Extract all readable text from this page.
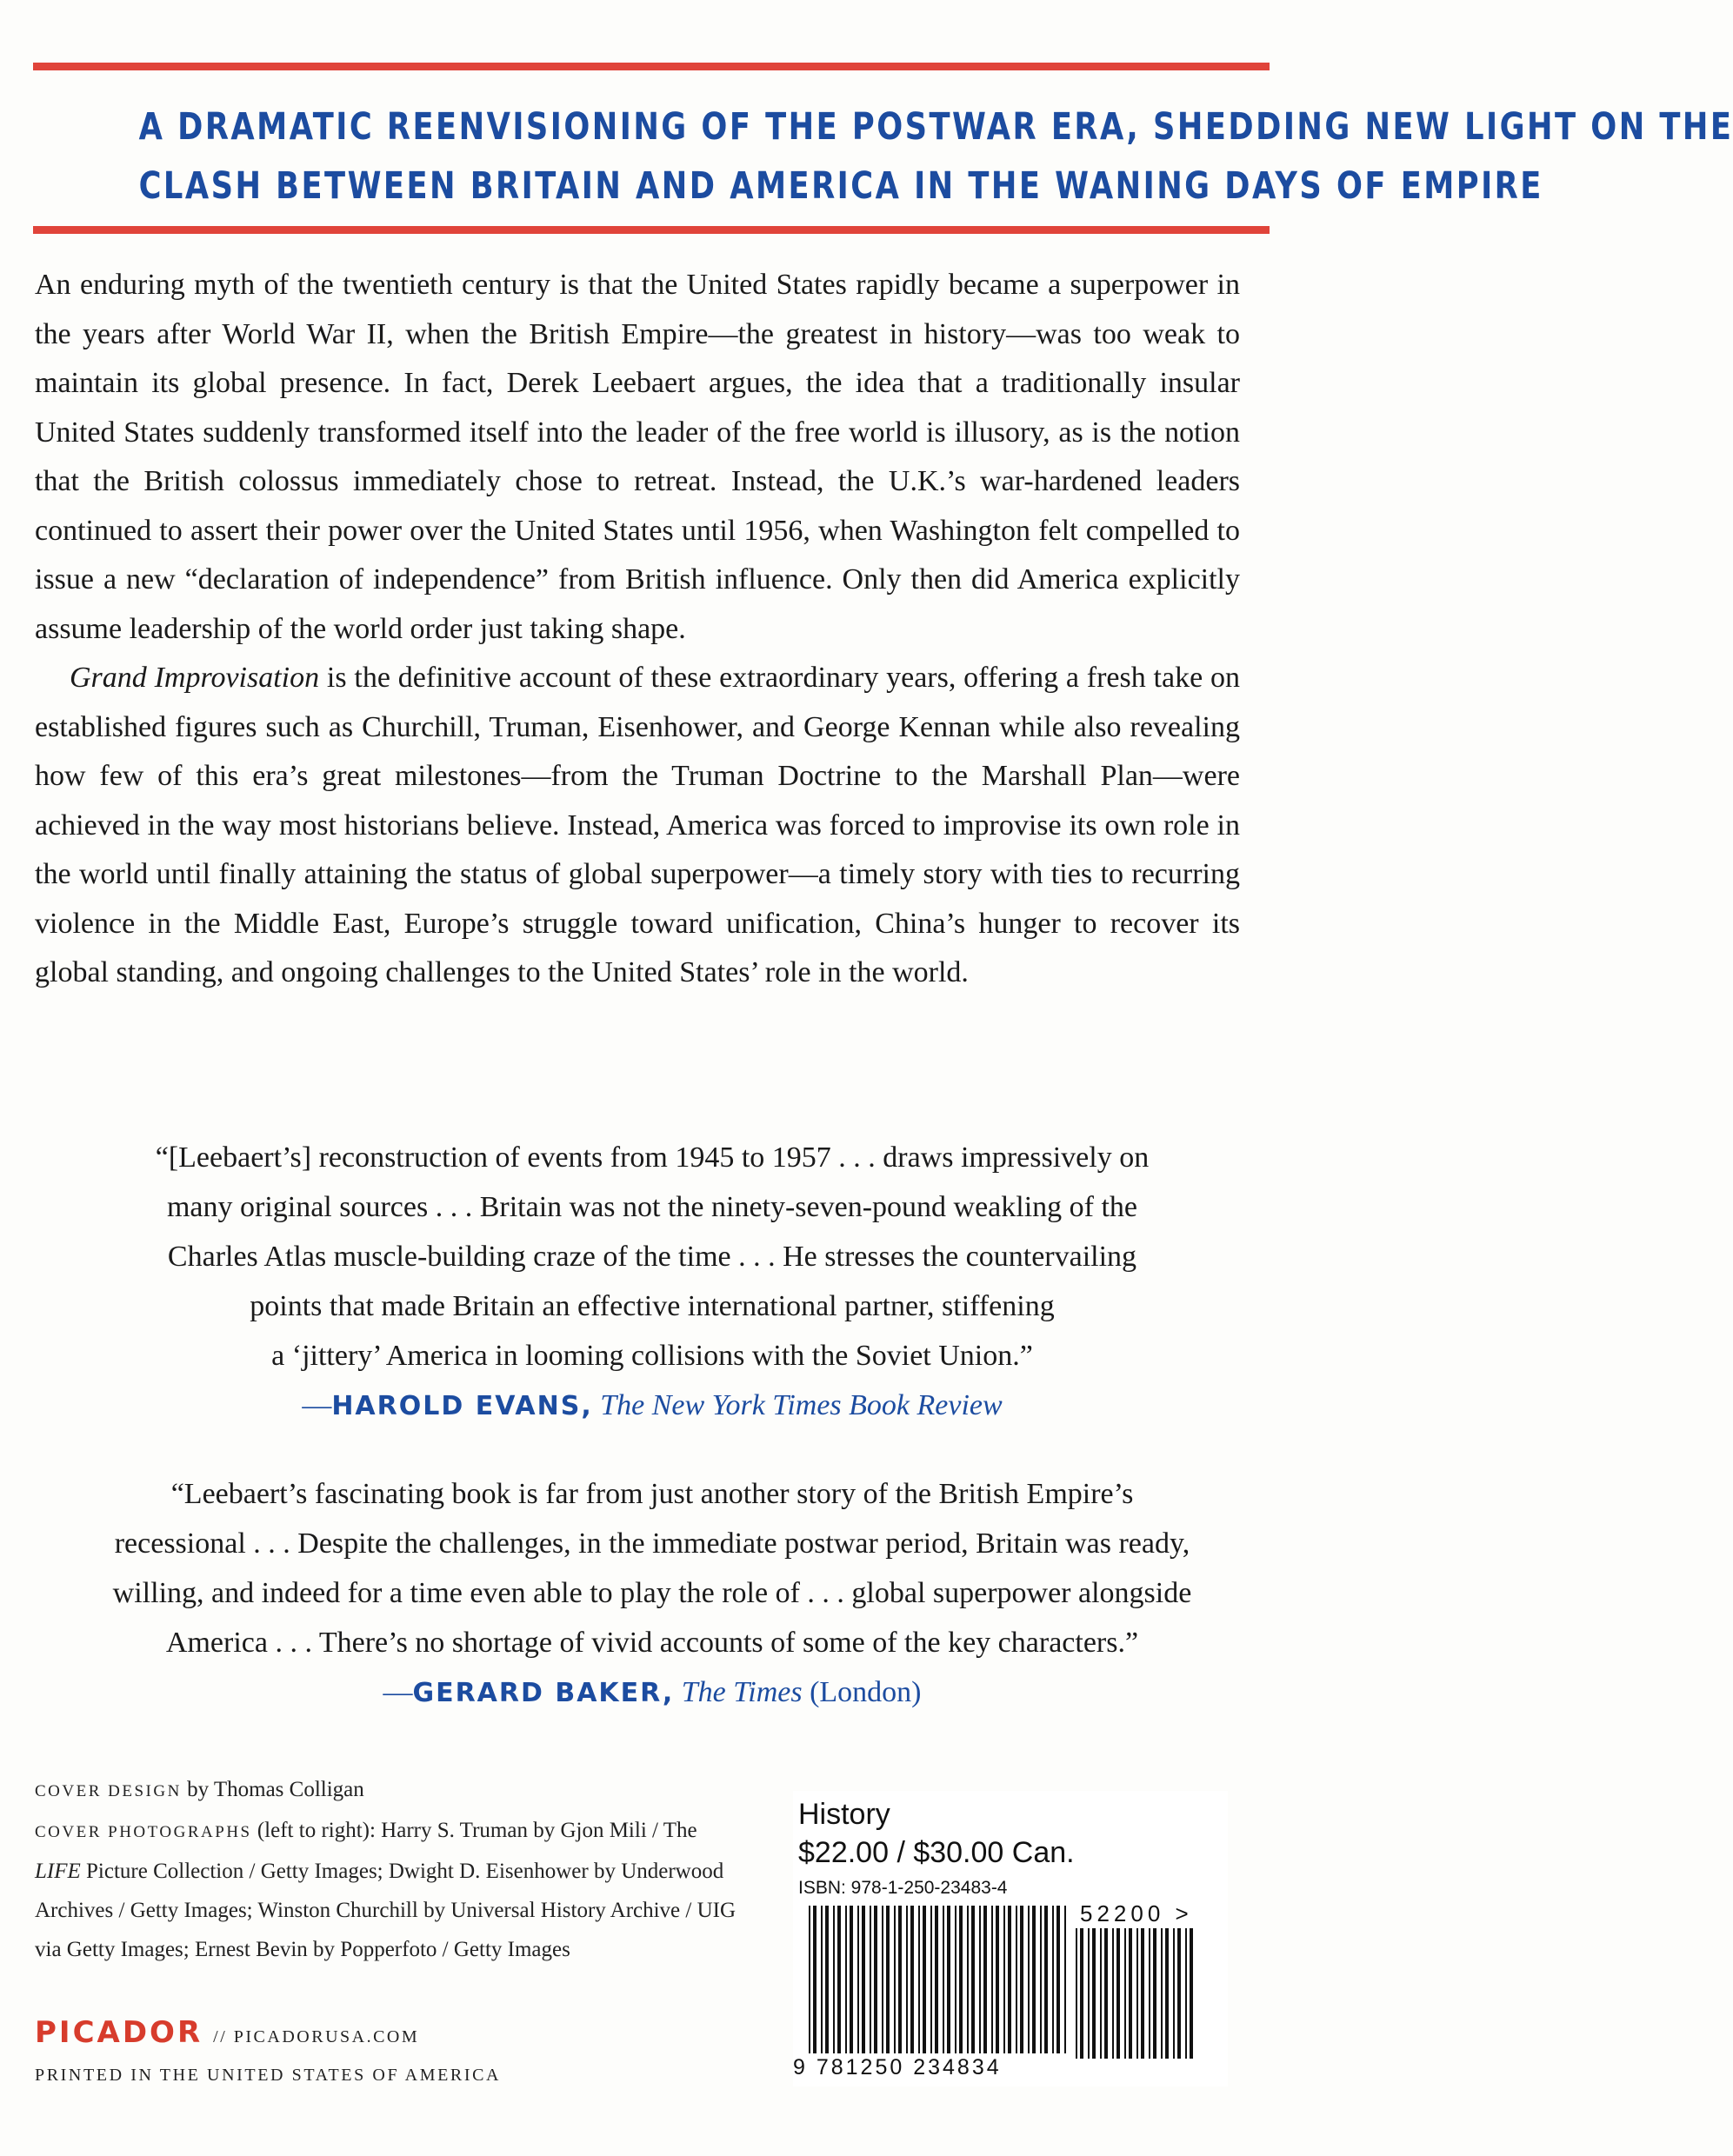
A DRAMATIC REENVISIONING OF THE POSTWAR ERA, SHEDDING NEW LIGHT ON THE
CLASH BETWEEN BRITAIN AND AMERICA IN THE WANING DAYS OF EMPIRE

An enduring myth of the twentieth century is that the United States rapidly became a superpower in the years after World War II, when the British Empire—the greatest in history—was too weak to maintain its global presence. In fact, Derek Leebaert argues, the idea that a traditionally insular United States suddenly transformed itself into the leader of the free world is illusory, as is the notion that the British colossus immediately chose to retreat. Instead, the U.K.’s war-hardened leaders continued to assert their power over the United States until 1956, when Washington felt compelled to issue a new “declaration of independence” from British influence. Only then did America explicitly assume leadership of the world order just taking shape.

Grand Improvisation is the definitive account of these extraordinary years, offering a fresh take on established figures such as Churchill, Truman, Eisenhower, and George Kennan while also revealing how few of this era’s great milestones—from the Truman Doctrine to the Marshall Plan—were achieved in the way most historians believe. Instead, America was forced to improvise its own role in the world until finally attaining the status of global superpower—a timely story with ties to recurring violence in the Middle East, Europe’s struggle toward unification, China’s hunger to recover its global standing, and ongoing challenges to the United States’ role in the world.

“[Leebaert’s] reconstruction of events from 1945 to 1957 . . . draws impressively on

many original sources . . . Britain was not the ninety-seven-pound weakling of the

Charles Atlas muscle-building craze of the time . . . He stresses the countervailing

points that made Britain an effective international partner, stiffening

a ‘jittery’ America in looming collisions with the Soviet Union.”

—HAROLD EVANS, The New York Times Book Review

“Leebaert’s fascinating book is far from just another story of the British Empire’s

recessional . . . Despite the challenges, in the immediate postwar period, Britain was ready,

willing, and indeed for a time even able to play the role of . . . global superpower alongside

America . . . There’s no shortage of vivid accounts of some of the key characters.”

—GERARD BAKER, The Times (London)

COVER DESIGN by Thomas Colligan

COVER PHOTOGRAPHS (left to right): Harry S. Truman by Gjon Mili / The LIFE Picture Collection / Getty Images; Dwight D. Eisenhower by Underwood Archives / Getty Images; Winston Churchill by Universal History Archive / UIG via Getty Images; Ernest Bevin by Popperfoto / Getty Images

PICADOR // PICADORUSA.COM
PRINTED IN THE UNITED STATES OF AMERICA
History
$22.00 / $30.00 Can.
ISBN: 978-1-250-23483-4
52200 >
9 781250 234834
